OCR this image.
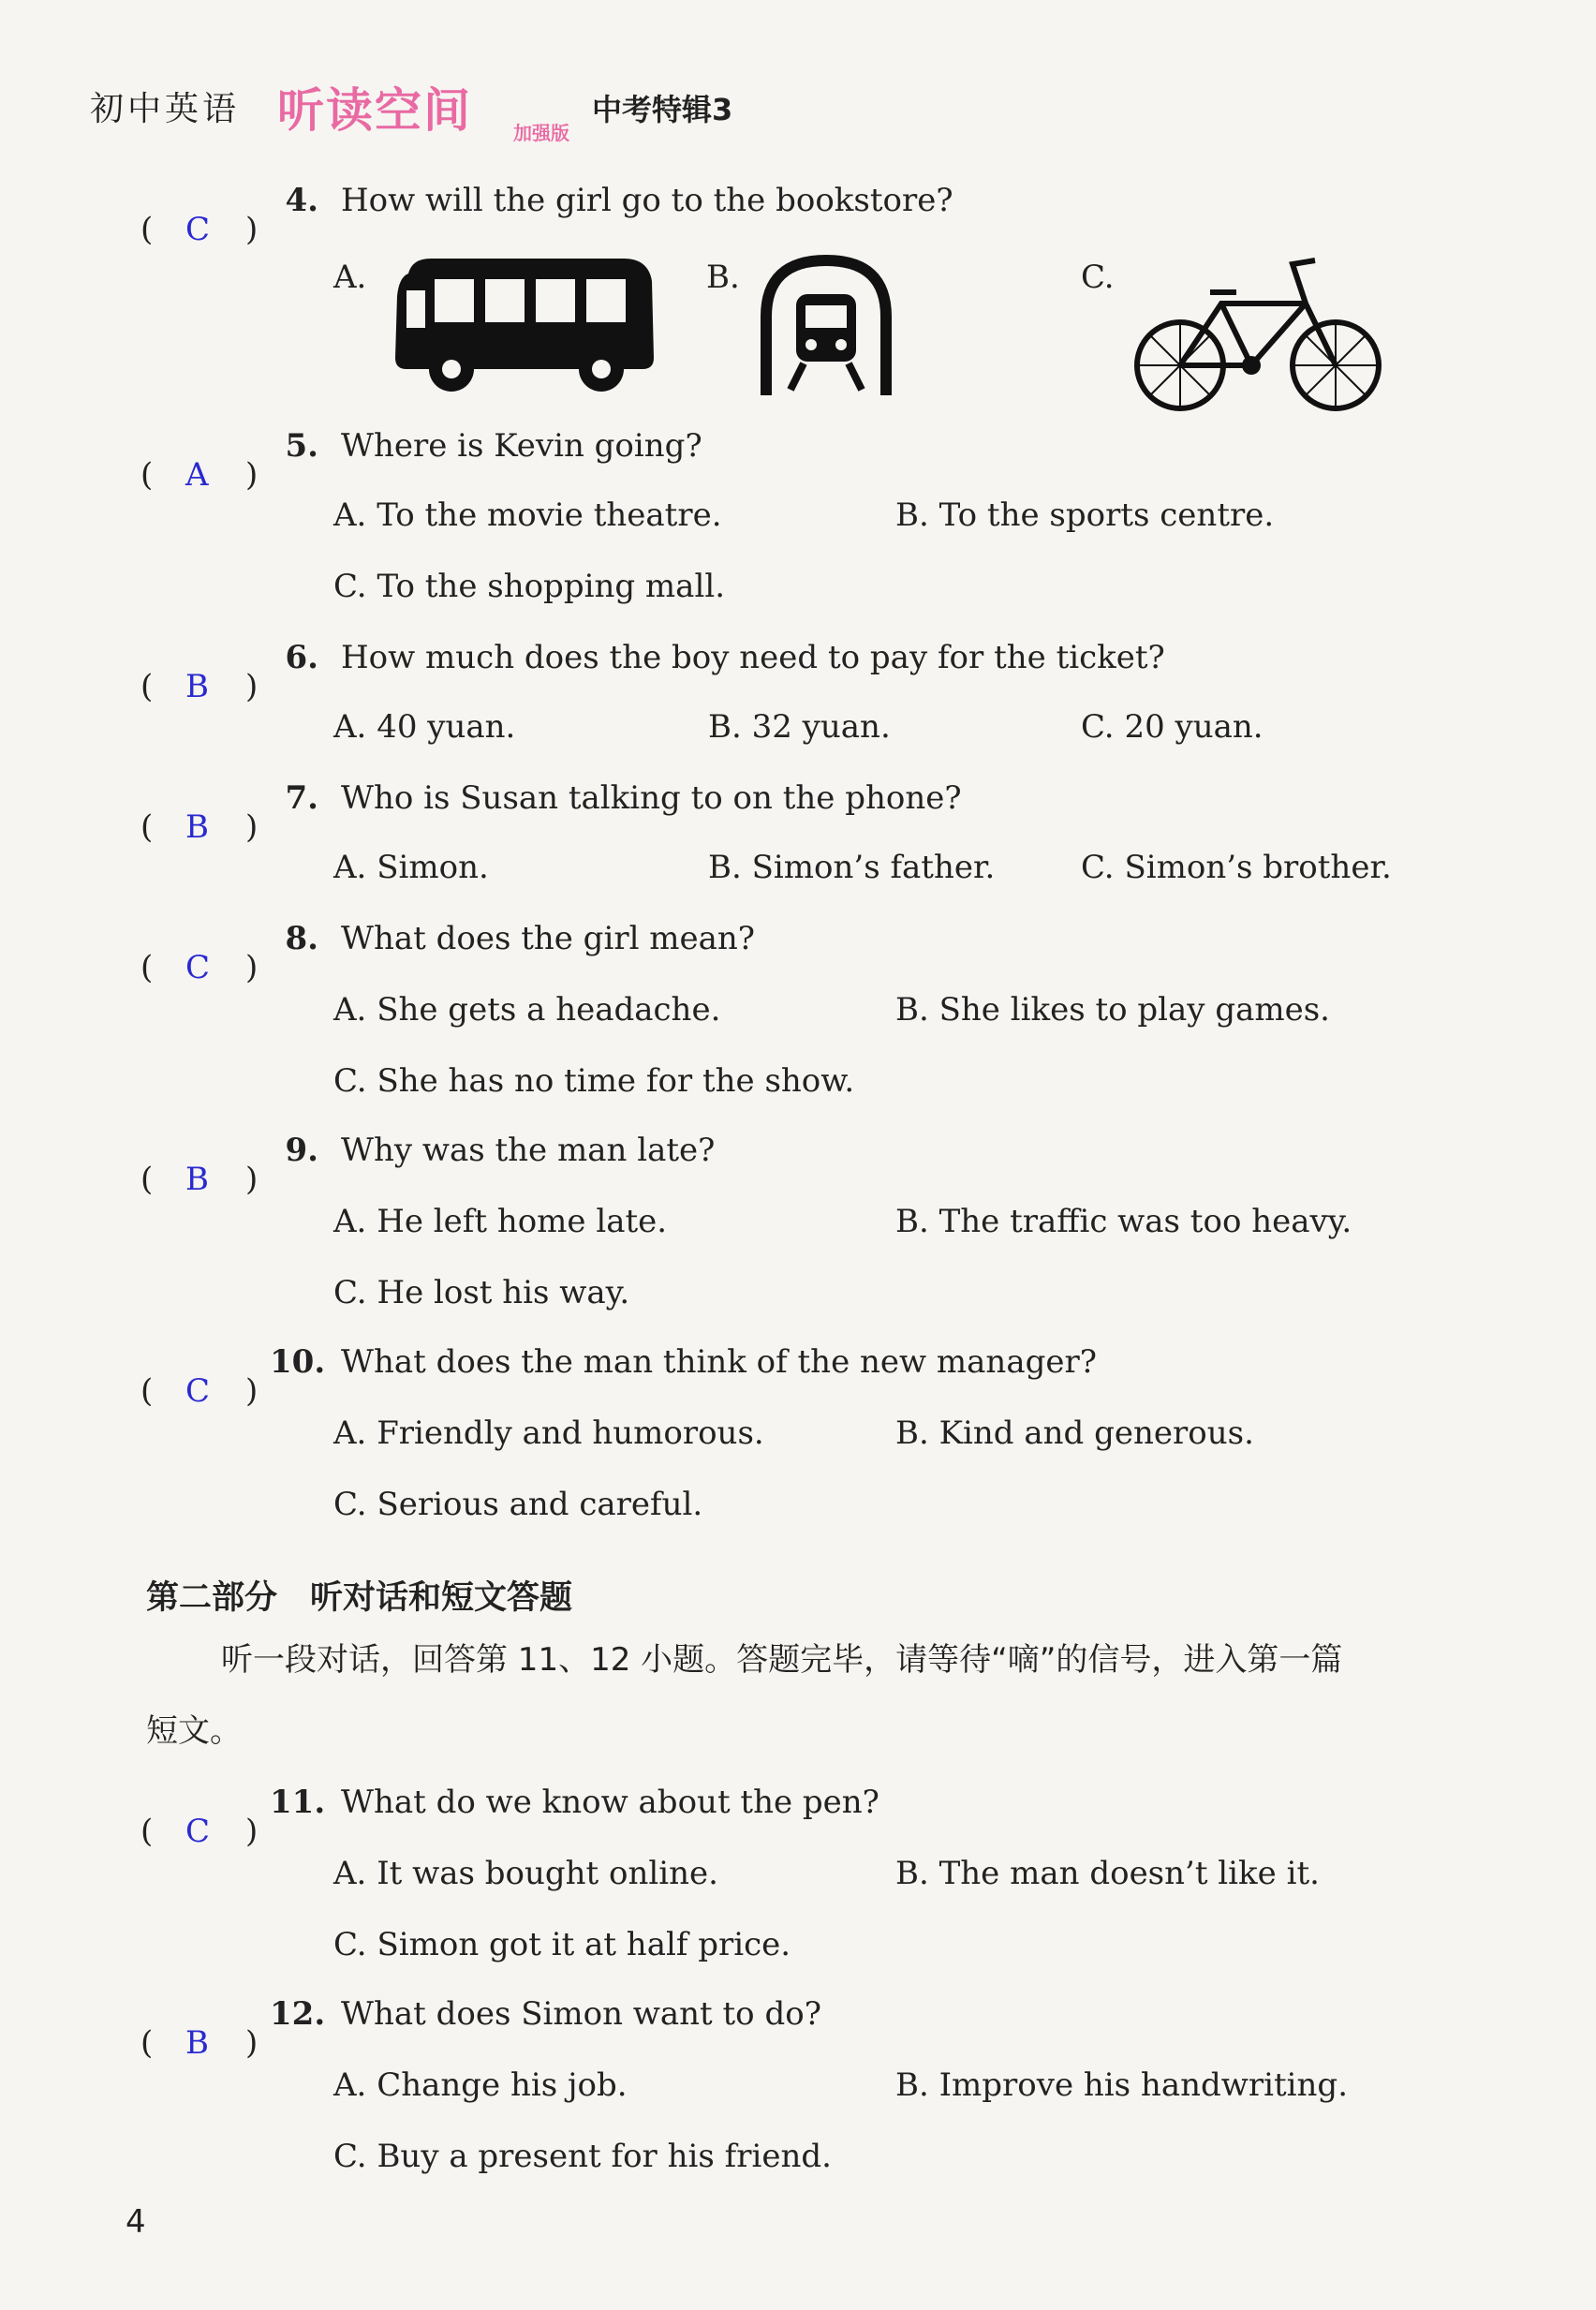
初中英语 听读空间 加强版
中考特辑3
( C )
4. How will the girl go to the bookstore?
A.	B.	C.
( A )
5. Where is Kevin going?
A. To the movie theatre.	B. To the sports centre.
C. To the shopping mall.
( B )
6. How much does the boy need to pay for the ticket?
A. 40 yuan.	B. 32 yuan.	C. 20 yuan.
( B )
7. Who is Susan talking to on the phone?
A. Simon.	B. Simon’s father.	C. Simon’s brother.
( C )
8. What does the girl mean?
A. She gets a headache.	B. She likes to play games.
C. She has no time for the show.
( B )
9. Why was the man late?
A. He left home late.	B. The traffic was too heavy.
C. He lost his way.
( C )
10. What does the man think of the new manager?
A. Friendly and humorous.	B. Kind and generous.
C. Serious and careful.
第二部分　听对话和短文答题
听一段对话，回答第 11、12 小题。答题完毕，请等待“嘀”的信号，进入第一篇
短文。
( C )
11. What do we know about the pen?
A. It was bought online.	B. The man doesn’t like it.
C. Simon got it at half price.
( B )
12. What does Simon want to do?
A. Change his job.	B. Improve his handwriting.
C. Buy a present for his friend.
4
